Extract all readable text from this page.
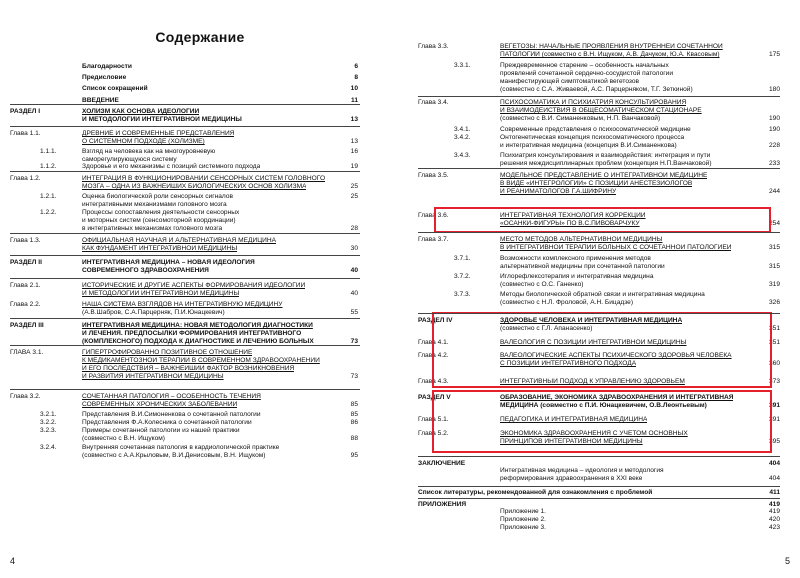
Содержание
Благодарности	6
Предисловие	8
Список сокращений	10
ВВЕДЕНИЕ	11
РАЗДЕЛ I	ХОЛИЗМ КАК ОСНОВА ИДЕОЛОГИИ
И МЕТОДОЛОГИИ ИНТЕГРАТИВНОЙ МЕДИЦИНЫ	13
Глава 1.1.	ДРЕВНИЕ И СОВРЕМЕННЫЕ ПРЕДСТАВЛЕНИЯ
О СИСТЕМНОМ ПОДХОДЕ (ХОЛИЗМЕ)	13
1.1.1.	Взгляд на человека как на многоуровневую	16
саморегулирующуюся систему
1.1.2.	Здоровье и его механизмы с позиций системного подхода	19
Глава 1.2.	ИНТЕГРАЦИЯ В ФУНКЦИОНИРОВАНИИ СЕНСОРНЫХ СИСТЕМ ГОЛОВНОГО
МОЗГА – ОДНА ИЗ ВАЖНЕЙШИХ БИОЛОГИЧЕСКИХ ОСНОВ ХОЛИЗМА	25
1.2.1.	Оценка биологической роли сенсорных сигналов	25
интегративными механизмами головного мозга
1.2.2.	Процессы сопоставления деятельности сенсорных
и моторных систем (сенсомоторной координации)
в интегративных механизмах головного мозга	28
Глава 1.3.	ОФИЦИАЛЬНАЯ НАУЧНАЯ И АЛЬТЕРНАТИВНАЯ МЕДИЦИНА
КАК ФУНДАМЕНТ ИНТЕГРАТИВНОЙ МЕДИЦИНЫ	30
РАЗДЕЛ II	ИНТЕГРАТИВНАЯ МЕДИЦИНА – НОВАЯ ИДЕОЛОГИЯ
СОВРЕМЕННОГО ЗДРАВООХРАНЕНИЯ	40
Глава 2.1.	ИСТОРИЧЕСКИЕ И ДРУГИЕ АСПЕКТЫ ФОРМИРОВАНИЯ ИДЕОЛОГИИ
И МЕТОДОЛОГИИ ИНТЕГРАТИВНОЙ МЕДИЦИНЫ	40
Глава 2.2.	НАША СИСТЕМА ВЗГЛЯДОВ НА ИНТЕГРАТИВНУЮ МЕДИЦИНУ
(А.В.Шабров, С.А.Парцерняк, П.И.Юнацкевич)	55
РАЗДЕЛ III	ИНТЕГРАТИВНАЯ МЕДИЦИНА: НОВАЯ МЕТОДОЛОГИЯ ДИАГНОСТИКИ
И ЛЕЧЕНИЯ. ПРЕДПОСЫЛКИ ФОРМИРОВАНИЯ ИНТЕГРАТИВНОГО
(КОМПЛЕКСНОГО) ПОДХОДА К ДИАГНОСТИКЕ И ЛЕЧЕНИЮ БОЛЬНЫХ	73
ГЛАВА 3.1.	ГИПЕРТРОФИРОВАННО ПОЗИТИВНОЕ ОТНОШЕНИЕ
К МЕДИКАМЕНТОЗНОЙ ТЕРАПИИ В СОВРЕМЕННОМ ЗДРАВООХРАНЕНИИ
И ЕГО ПОСЛЕДСТВИЯ – ВАЖНЕЙШИЙ ФАКТОР ВОЗНИКНОВЕНИЯ
И РАЗВИТИЯ ИНТЕГРАТИВНОЙ МЕДИЦИНЫ	73
Глава 3.2.	СОЧЕТАННАЯ ПАТОЛОГИЯ – ОСОБЕННОСТЬ ТЕЧЕНИЯ
СОВРЕМЕННЫХ ХРОНИЧЕСКИХ ЗАБОЛЕВАНИЙ	85
3.2.1.	Представления В.И.Симоненкова о сочетанной патологии	85
3.2.2.	Представления Ф.А.Колесника о сочетанной патологии	86
3.2.3.	Примеры сочетанной патологии из нашей практики
(совместно с В.Н. Ищуком)	88
3.2.4.	Внутренняя сочетанная патология в кардиологической практике
(совместно с А.А.Крыловым, В.И.Денисовым, В.Н. Ищуком)	95
4
Глава 3.3.	ВЕГЕТОЗЫ: НАЧАЛЬНЫЕ ПРОЯВЛЕНИЯ ВНУТРЕННЕЙ СОЧЕТАННОЙ
ПАТОЛОГИИ (совместно с В.Н. Ищуком, А.В. Дачуком, Ю.А. Квасовым)	175
3.3.1.	Преждевременное старение – особенность начальных
проявлений сочетанной сердечно-сосудистой патологии
манифестирующей симптоматикой вегетозов
(совместно с С.А. Живаевой, А.С. Парцерняком, Т.Г. Зеткиной)	180
Глава 3.4.	ПСИХОСОМАТИКА И ПСИХИАТРИЯ КОНСУЛЬТИРОВАНИЯ
И ВЗАИМОДЕЙСТВИЯ В ОБЩЕСОМАТИЧЕСКОМ СТАЦИОНАРЕ
(совместно с В.И. Симаненковым, Н.П. Ванчаковой)	190
3.4.1.	Современные представления о психосоматической медицине	190
3.4.2.	Онтогенетическая концепция психосоматического процесса
и интегративная медицина (концепция В.И.Симаненкова)	228
3.4.3.	Психиатрия консультирования и взаимодействия: интеграция и пути
решения междисциплинарных проблем (концепция Н.П.Ванчаковой)	233
Глава 3.5.	МОДЕЛЬНОЕ ПРЕДСТАВЛЕНИЕ О ИНТЕГРАТИВНОЙ МЕДИЦИНЕ
В ВИДЕ «ИНТЕГРОЛОГИИ» С ПОЗИЦИЙ АНЕСТЕЗИОЛОГОВ
И РЕАНИМАТОЛОГОВ Г.А.ШИФРИНУ	244
Глава 3.6.	ИНТЕГРАТИВНАЯ ТЕХНОЛОГИЯ КОРРЕКЦИИ
«ОСАНКИ-ФИГУРЫ» ПО В.С.ПИВОВАРЧУКУ	254
Глава 3.7.	МЕСТО МЕТОДОВ АЛЬТЕРНАТИВНОЙ МЕДИЦИНЫ
В ИНТЕГРАТИВНОЙ ТЕРАПИИ БОЛЬНЫХ С СОЧЕТАННОЙ ПАТОЛОГИЕЙ	315
3.7.1.	Возможности комплексного применения методов
альтернативной медицины при сочетанной патологии	315
3.7.2.	Иглорефлексотерапия и интегративная медицина
(совместно с О.С. Ганенко)	319
3.7.3.	Методы биологической обратной связи и интегративная медицина
(совместно с Н.Л. Фроловой, А.Н. Бицадзе)	326
РАЗДЕЛ IV	ЗДОРОВЬЕ ЧЕЛОВЕКА И ИНТЕГРАТИВНАЯ МЕДИЦИНА
(совместно с Г.Л. Апанасенко)	351
Глава 4.1.	ВАЛЕОЛОГИЯ С ПОЗИЦИЙ ИНТЕГРАТИВНОЙ МЕДИЦИНЫ	351
Глава 4.2.	ВАЛЕОЛОГИЧЕСКИЕ АСПЕКТЫ ПСИХИЧЕСКОГО ЗДОРОВЬЯ ЧЕЛОВЕКА
С ПОЗИЦИЙ ИНТЕГРАТИВНОГО ПОДХОДА	360
Глава 4.3.	ИНТЕГРАТИВНЫЙ ПОДХОД К УПРАВЛЕНИЮ ЗДОРОВЬЕМ	373
РАЗДЕЛ V	ОБРАЗОВАНИЕ, ЭКОНОМИКА ЗДРАВООХРАНЕНИЯ И ИНТЕГРАТИВНАЯ
МЕДИЦИНА (совместно с П.И. Юнацкевичем, О.В.Леонтьевым)	391
Глава 5.1.	ПЕДАГОГИКА И ИНТЕГРАТИВНАЯ МЕДИЦИНА	391
Глава 5.2.	ЭКОНОМИКА ЗДРАВООХРАНЕНИЯ С УЧЕТОМ ОСНОВНЫХ
ПРИНЦИПОВ ИНТЕГРАТИВНОЙ МЕДИЦИНЫ	395
ЗАКЛЮЧЕНИЕ	404
Интегративная медицина – идеология и методология
реформирования здравоохранения в XXI веке	404
Список литературы, рекомендованной для ознакомления с проблемой	411
ПРИЛОЖЕНИЯ	419
Приложение 1.	419
Приложение 2.	420
Приложение 3.	423
5
